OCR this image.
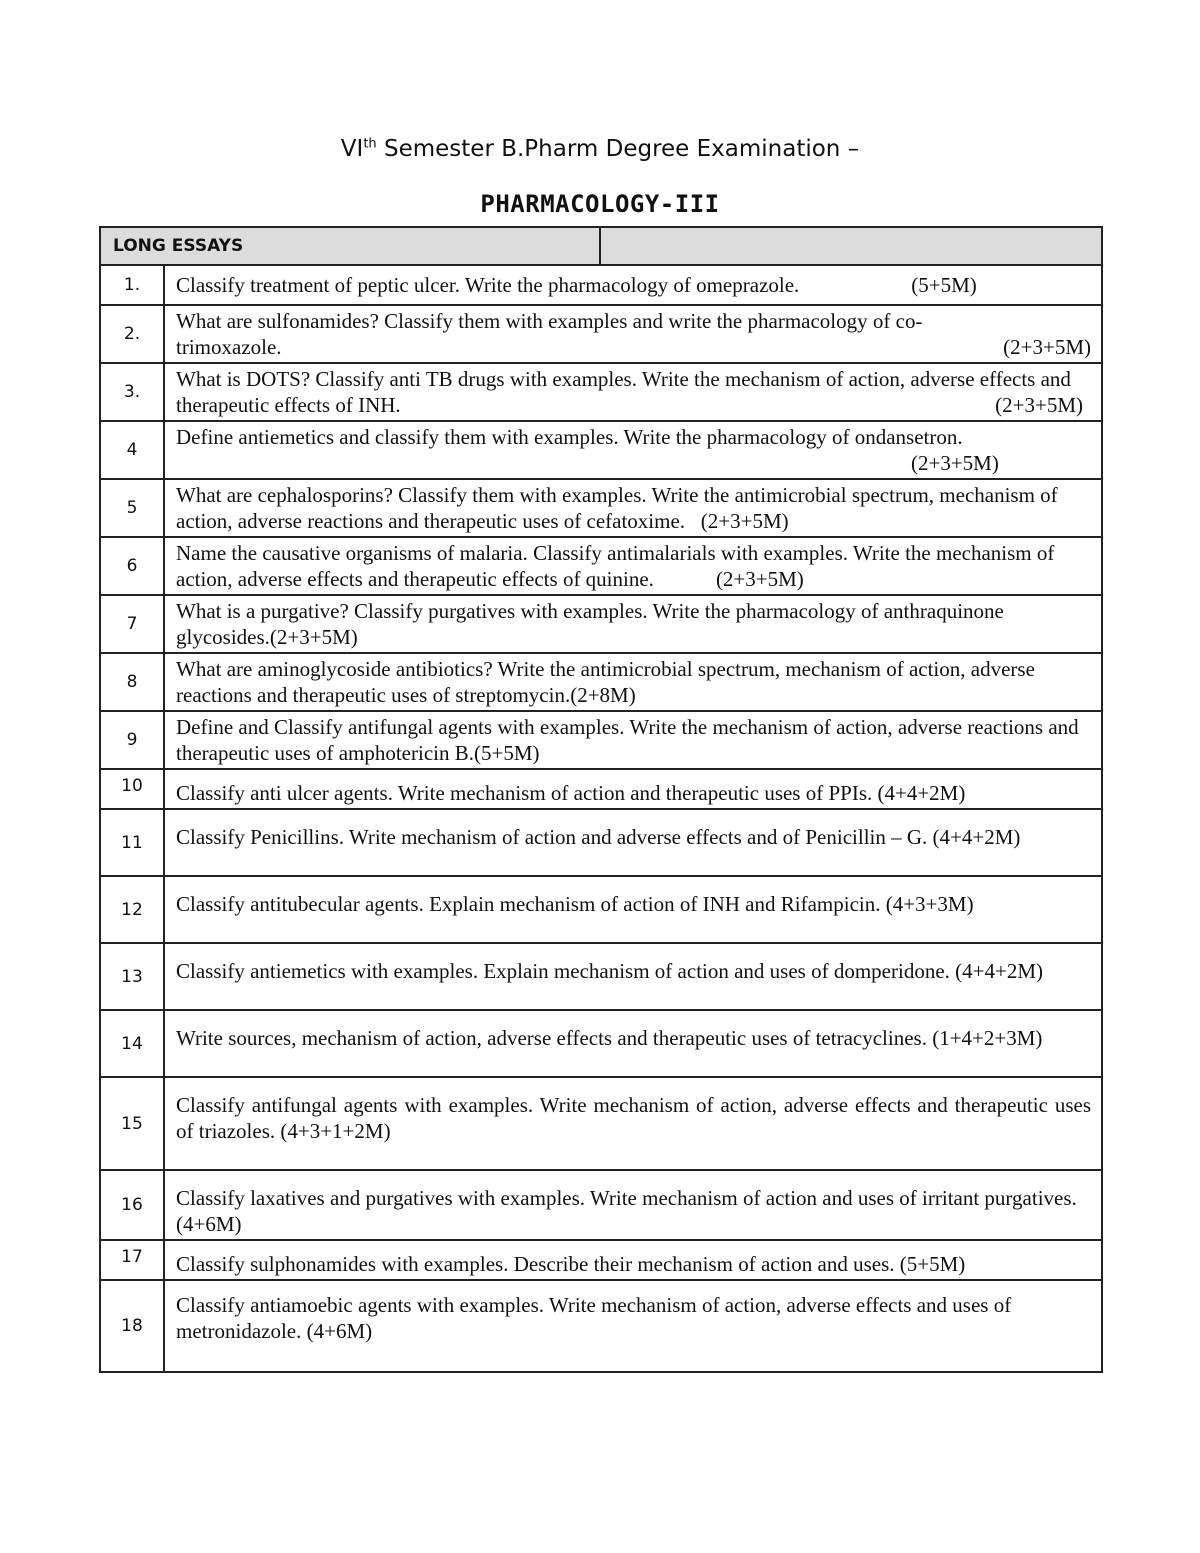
VIth Semester B.Pharm Degree Examination –
PHARMACOLOGY-III
LONG ESSAYS		
1.	Classify treatment of peptic ulcer. Write the pharmacology of omeprazole. (5+5M)	
2.	What are sulfonamides? Classify them with examples and write the pharmacology of co-trimoxazole. (2+3+5M)	

3.	What is DOTS? Classify anti TB drugs with examples. Write the mechanism of action, adverse effects and therapeutic effects of INH. (2+3+5M)	

4	Define antiemetics and classify them with examples. Write the pharmacology of ondansetron.
(2+3+5M)	

5	What are cephalosporins? Classify them with examples. Write the antimicrobial spectrum, mechanism of action, adverse reactions and therapeutic uses of cefatoxime. (2+3+5M)	
6	Name the causative organisms of malaria. Classify antimalarials with examples. Write the mechanism of action, adverse effects and therapeutic effects of quinine. (2+3+5M)	
7	What is a purgative? Classify purgatives with examples. Write the pharmacology of anthraquinone glycosides.(2+3+5M)	
8	What are aminoglycoside antibiotics? Write the antimicrobial spectrum, mechanism of action, adverse reactions and therapeutic uses of streptomycin.(2+8M)	
9	Define and Classify antifungal agents with examples. Write the mechanism of action, adverse reactions and therapeutic uses of amphotericin B.(5+5M)	
10	Classify anti ulcer agents. Write mechanism of action and therapeutic uses of PPIs. (4+4+2M)	
11	Classify Penicillins. Write mechanism of action and adverse effects and of Penicillin – G. (4+4+2M)	
12	Classify antitubecular agents. Explain mechanism of action of INH and Rifampicin. (4+3+3M)	
13	Classify antiemetics with examples. Explain mechanism of action and uses of domperidone. (4+4+2M)	
14	Write sources, mechanism of action, adverse effects and therapeutic uses of tetracyclines. (1+4+2+3M)	
15	Classify antifungal agents with examples. Write mechanism of action, adverse effects and therapeutic uses of triazoles. (4+3+1+2M)	
16	Classify laxatives and purgatives with examples. Write mechanism of action and uses of irritant purgatives. (4+6M)	
17	Classify sulphonamides with examples. Describe their mechanism of action and uses. (5+5M)	
18	Classify antiamoebic agents with examples. Write mechanism of action, adverse effects and uses of metronidazole. (4+6M)	
